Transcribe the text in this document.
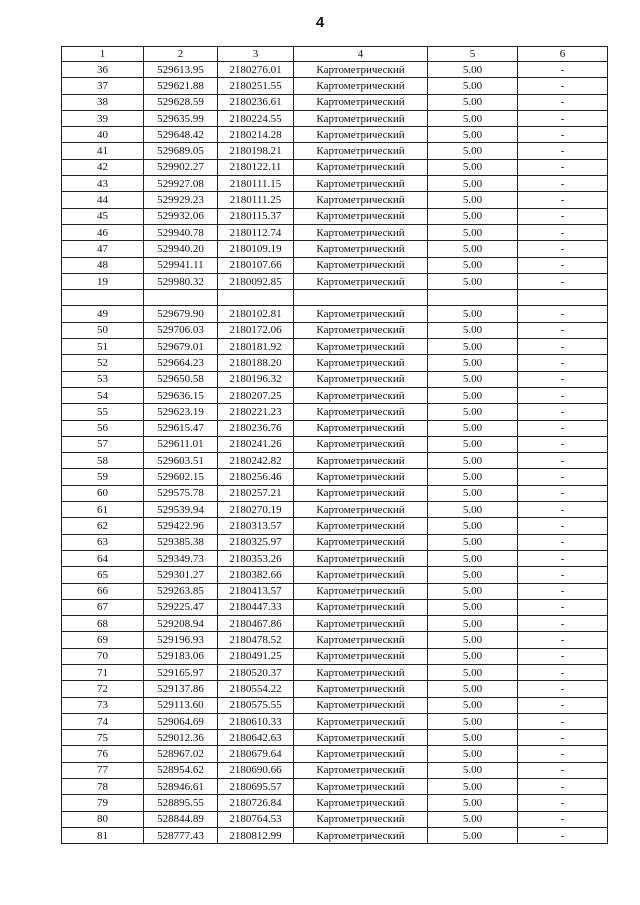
4
1	2	3	4	5	6
36	529613.95	2180276.01	Картометрический	5.00	-
37	529621.88	2180251.55	Картометрический	5.00	-
38	529628.59	2180236.61	Картометрический	5.00	-
39	529635.99	2180224.55	Картометрический	5.00	-
40	529648.42	2180214.28	Картометрический	5.00	-
41	529689.05	2180198.21	Картометрический	5.00	-
42	529902.27	2180122.11	Картометрический	5.00	-
43	529927.08	2180111.15	Картометрический	5.00	-
44	529929.23	2180111.25	Картометрический	5.00	-
45	529932.06	2180115.37	Картометрический	5.00	-
46	529940.78	2180112.74	Картометрический	5.00	-
47	529940.20	2180109.19	Картометрический	5.00	-
48	529941.11	2180107.66	Картометрический	5.00	-
19	529980.32	2180092.85	Картометрический	5.00	-

49	529679.90	2180102.81	Картометрический	5.00	-
50	529706.03	2180172.06	Картометрический	5.00	-
51	529679.01	2180181.92	Картометрический	5.00	-
52	529664.23	2180188.20	Картометрический	5.00	-
53	529650.58	2180196.32	Картометрический	5.00	-
54	529636.15	2180207.25	Картометрический	5.00	-
55	529623.19	2180221.23	Картометрический	5.00	-
56	529615.47	2180236.76	Картометрический	5.00	-
57	529611.01	2180241.26	Картометрический	5.00	-
58	529603.51	2180242.82	Картометрический	5.00	-
59	529602.15	2180256.46	Картометрический	5.00	-
60	529575.78	2180257.21	Картометрический	5.00	-
61	529539.94	2180270.19	Картометрический	5.00	-
62	529422.96	2180313.57	Картометрический	5.00	-
63	529385.38	2180325.97	Картометрический	5.00	-
64	529349.73	2180353.26	Картометрический	5.00	-
65	529301.27	2180382.66	Картометрический	5.00	-
66	529263.85	2180413.57	Картометрический	5.00	-
67	529225.47	2180447.33	Картометрический	5.00	-
68	529208.94	2180467.86	Картометрический	5.00	-
69	529196.93	2180478.52	Картометрический	5.00	-
70	529183.06	2180491.25	Картометрический	5.00	-
71	529165.97	2180520.37	Картометрический	5.00	-
72	529137.86	2180554.22	Картометрический	5.00	-
73	529113.60	2180575.55	Картометрический	5.00	-
74	529064.69	2180610.33	Картометрический	5.00	-
75	529012.36	2180642.63	Картометрический	5.00	-
76	528967.02	2180679.64	Картометрический	5.00	-
77	528954.62	2180690.66	Картометрический	5.00	-
78	528946.61	2180695.57	Картометрический	5.00	-
79	528895.55	2180726.84	Картометрический	5.00	-
80	528844.89	2180764.53	Картометрический	5.00	-
81	528777.43	2180812.99	Картометрический	5.00	-
